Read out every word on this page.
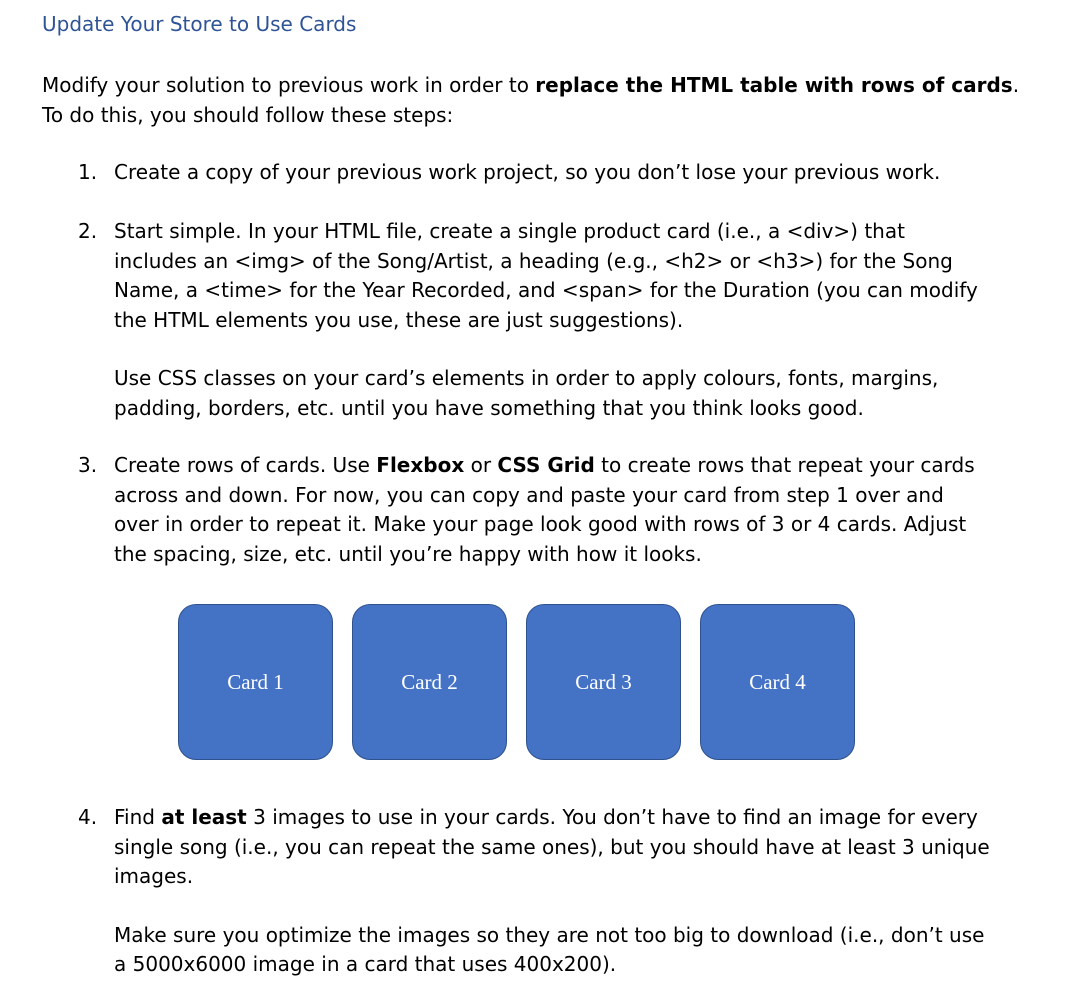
Update Your Store to Use Cards
Modify your solution to previous work in order to replace the HTML table with rows of cards.
To do this, you should follow these steps:
1. Create a copy of your previous work project, so you don’t lose your previous work.

2. Start simple. In your HTML file, create a single product card (i.e., a <div>) that includes an <img> of the Song/Artist, a heading (e.g., <h2> or <h3>) for the Song Name, a <time> for the Year Recorded, and <span> for the Duration (you can modify the HTML elements you use, these are just suggestions).

Use CSS classes on your card’s elements in order to apply colours, fonts, margins, padding, borders, etc. until you have something that you think looks good.

3. Create rows of cards. Use Flexbox or CSS Grid to create rows that repeat your cards across and down. For now, you can copy and paste your card from step 1 over and over in order to repeat it. Make your page look good with rows of 3 or 4 cards. Adjust the spacing, size, etc. until you’re happy with how it looks.

Card 1	Card 2	Card 3	Card 4
4. Find at least 3 images to use in your cards. You don’t have to find an image for every single song (i.e., you can repeat the same ones), but you should have at least 3 unique images.

Make sure you optimize the images so they are not too big to download (i.e., don’t use a 5000x6000 image in a card that uses 400x200).
